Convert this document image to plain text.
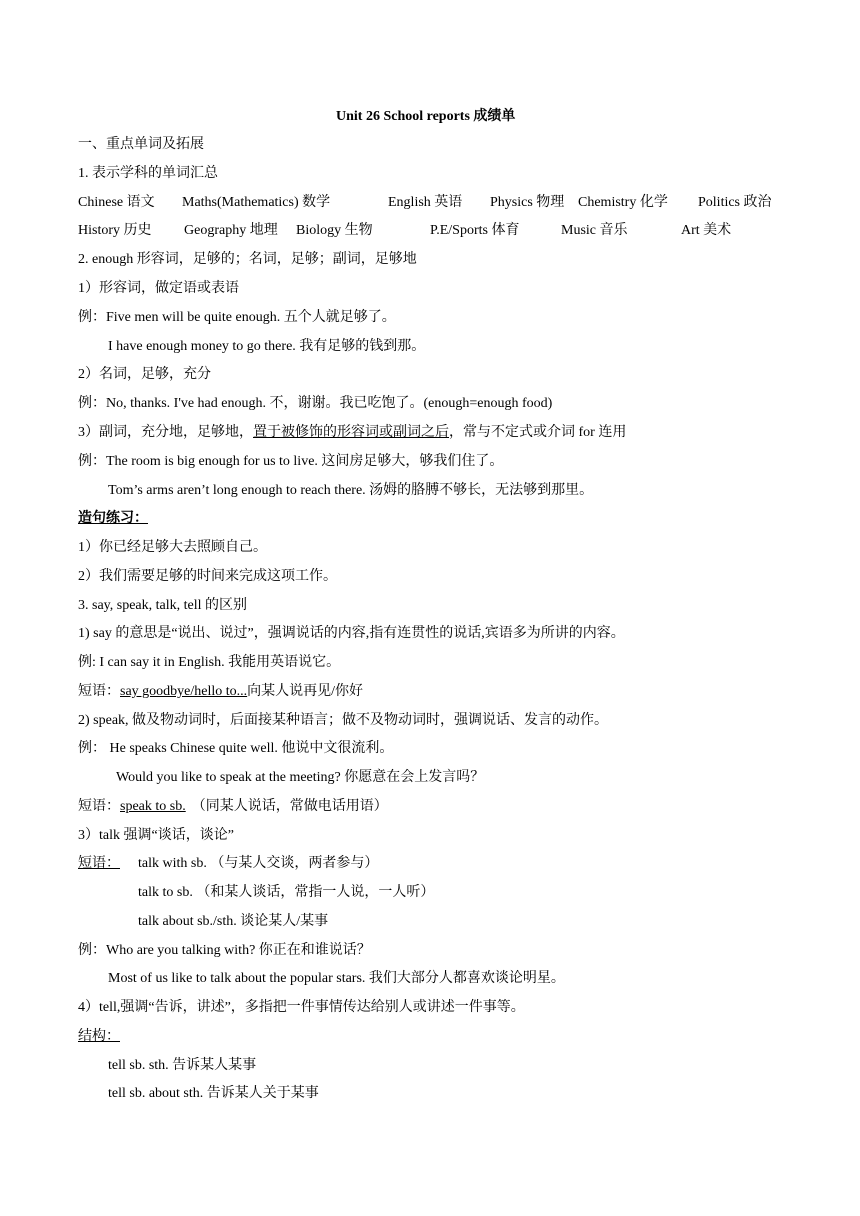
Unit 26 School reports 成绩单
一、重点单词及拓展
1. 表示学科的单词汇总
Chinese 语文 Maths(Mathematics) 数学	English 英语 Physics 物理 Chemistry 化学 Politics 政治
History 历史 Geography 地理 Biology 生物	P.E/Sports 体育	Music 音乐	Art 美术
2. enough 形容词，足够的；名词，足够；副词，足够地
1）形容词，做定语或表语
例：Five men will be quite enough. 五个人就足够了。
I have enough money to go there. 我有足够的钱到那。
2）名词，足够，充分
例：No, thanks. I've had enough. 不，谢谢。我已吃饱了。(enough=enough food)
3）副词，充分地，足够地，置于被修饰的形容词或副词之后，常与不定式或介词 for 连用
例：The room is big enough for us to live. 这间房足够大，够我们住了。
Tom’s arms aren’t long enough to reach there. 汤姆的胳膊不够长，无法够到那里。
造句练习：
1）你已经足够大去照顾自己。
2）我们需要足够的时间来完成这项工作。
3. say, speak, talk, tell 的区别
1) say 的意思是“说出、说过”，强调说话的内容,指有连贯性的说话,宾语多为所讲的内容。
例: I can say it in English. 我能用英语说它。
短语：say goodbye/hello to...向某人说再见/你好
2) speak, 做及物动词时，后面接某种语言；做不及物动词时，强调说话、发言的动作。
例： He speaks Chinese quite well. 他说中文很流利。
Would you like to speak at the meeting? 你愿意在会上发言吗？
短语：speak to sb. （同某人说话，常做电话用语）
3）talk 强调“谈话，谈论”
短语：	talk with sb. （与某人交谈，两者参与）
talk to sb. （和某人谈话，常指一人说，一人听）
talk about sb./sth. 谈论某人/某事
例：Who are you talking with? 你正在和谁说话？
Most of us like to talk about the popular stars. 我们大部分人都喜欢谈论明星。
4）tell,强调“告诉，讲述”，多指把一件事情传达给别人或讲述一件事等。
结构：
tell sb. sth. 告诉某人某事
tell sb. about sth. 告诉某人关于某事
